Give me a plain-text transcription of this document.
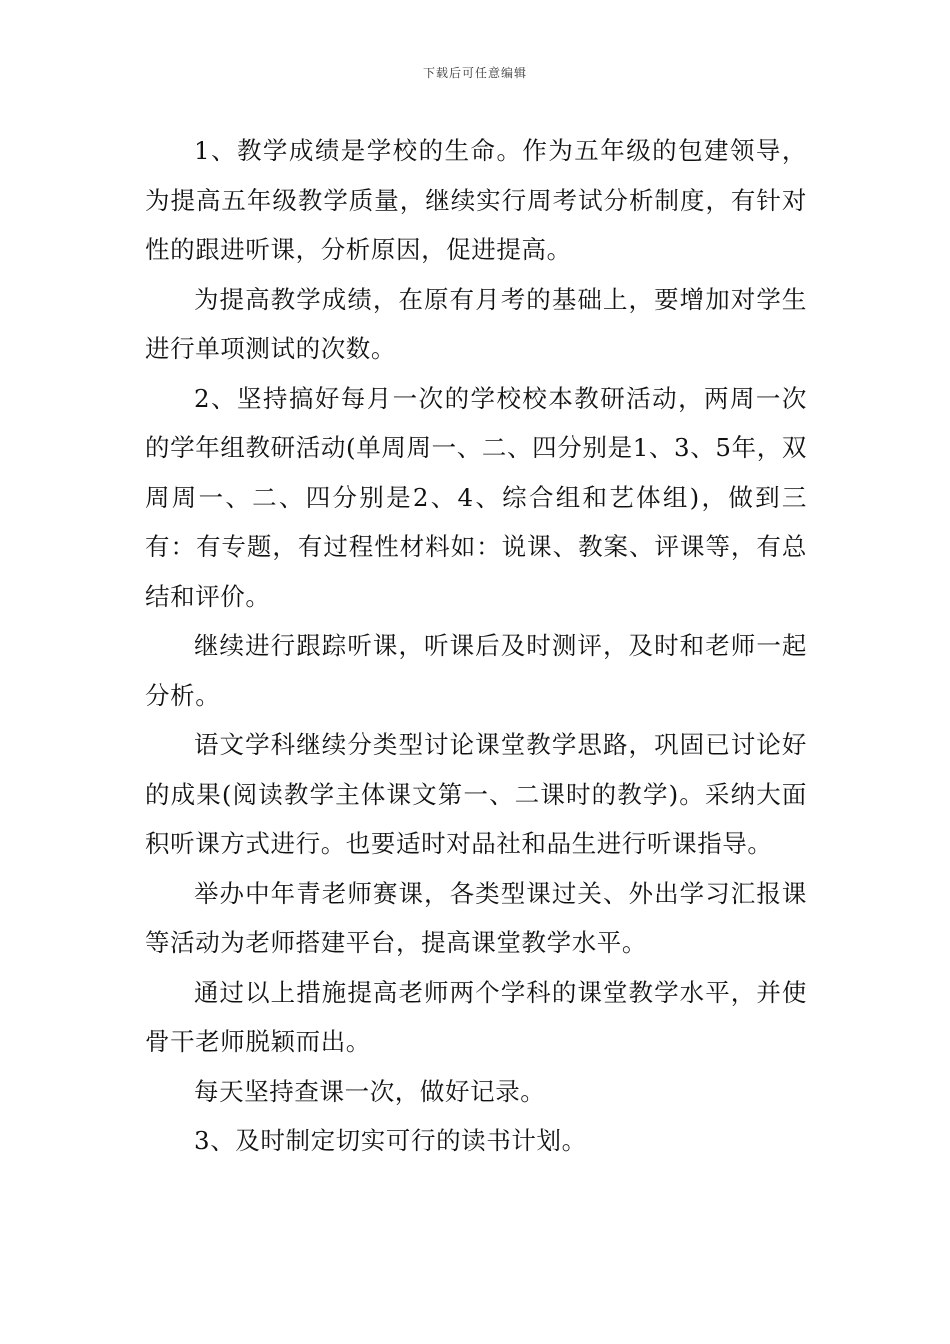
下载后可任意编辑

1、教学成绩是学校的生命。作为五年级的包建领导，为提高五年级教学质量，继续实行周考试分析制度，有针对性的跟进听课，分析原因，促进提高。

为提高教学成绩，在原有月考的基础上，要增加对学生进行单项测试的次数。

2、坚持搞好每月一次的学校校本教研活动，两周一次的学年组教研活动(单周周一、二、四分别是1、3、5年，双周周一、二、四分别是2、4、综合组和艺体组)，做到三有：有专题，有过程性材料如：说课、教案、评课等，有总结和评价。

继续进行跟踪听课，听课后及时测评，及时和老师一起分析。

语文学科继续分类型讨论课堂教学思路，巩固已讨论好的成果(阅读教学主体课文第一、二课时的教学)。采纳大面积听课方式进行。也要适时对品社和品生进行听课指导。

举办中年青老师赛课，各类型课过关、外出学习汇报课等活动为老师搭建平台，提高课堂教学水平。

通过以上措施提高老师两个学科的课堂教学水平，并使骨干老师脱颖而出。

每天坚持查课一次，做好记录。

3、及时制定切实可行的读书计划。
